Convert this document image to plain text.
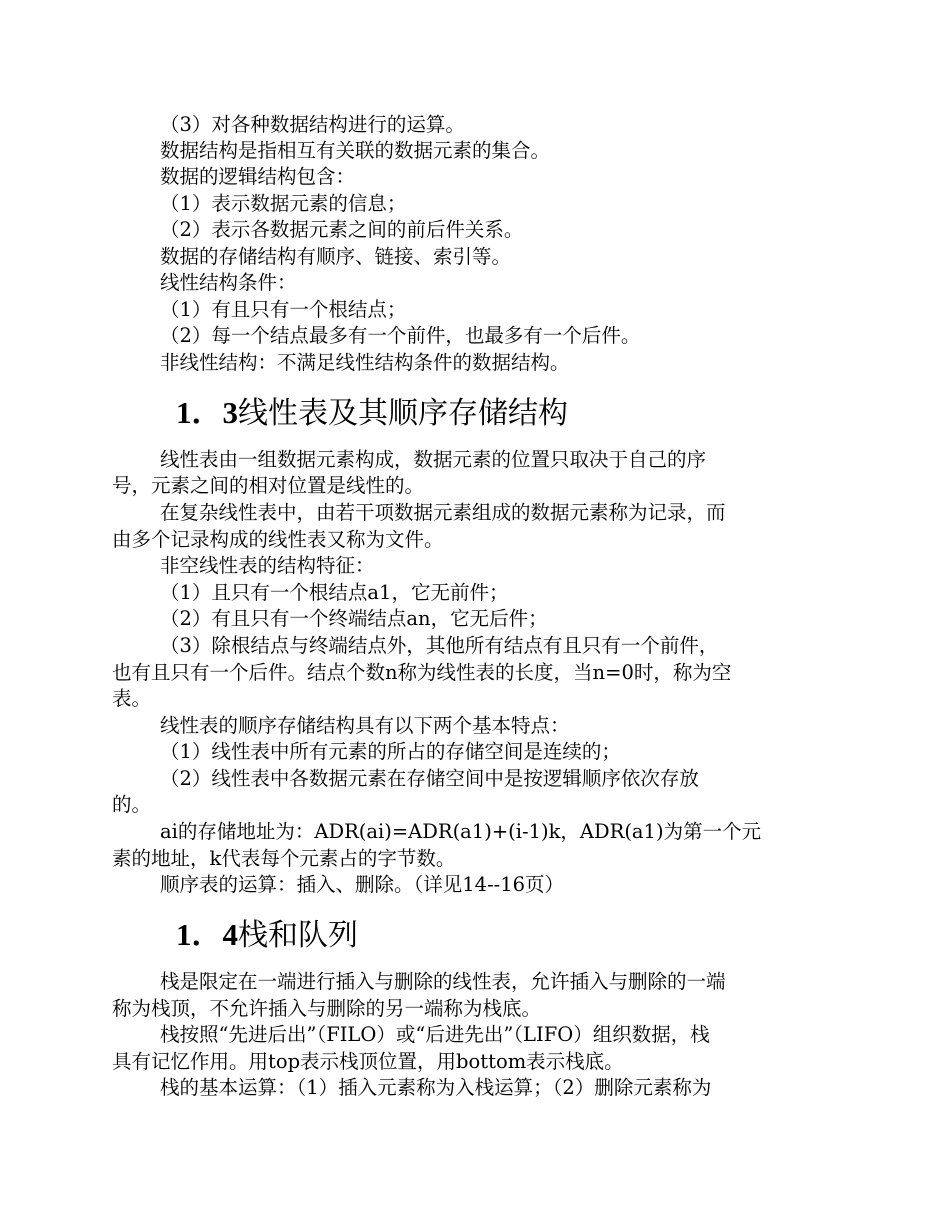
（3）对各种数据结构进行的运算。
数据结构是指相互有关联的数据元素的集合。
数据的逻辑结构包含：
（1）表示数据元素的信息；
（2）表示各数据元素之间的前后件关系。
数据的存储结构有顺序、链接、索引等。
线性结构条件：
（1）有且只有一个根结点；
（2）每一个结点最多有一个前件，也最多有一个后件。
非线性结构：不满足线性结构条件的数据结构。
1．3线性表及其顺序存储结构
线性表由一组数据元素构成，数据元素的位置只取决于自己的序
号，元素之间的相对位置是线性的。
在复杂线性表中，由若干项数据元素组成的数据元素称为记录，而
由多个记录构成的线性表又称为文件。
非空线性表的结构特征：
（1）且只有一个根结点a1，它无前件；
（2）有且只有一个终端结点an，它无后件；
（3）除根结点与终端结点外，其他所有结点有且只有一个前件，
也有且只有一个后件。结点个数n称为线性表的长度，当n=0时，称为空
表。
线性表的顺序存储结构具有以下两个基本特点：
（1）线性表中所有元素的所占的存储空间是连续的；
（2）线性表中各数据元素在存储空间中是按逻辑顺序依次存放
的。
ai的存储地址为：ADR(ai)=ADR(a1)+(i-1)k，ADR(a1)为第一个元
素的地址，k代表每个元素占的字节数。
顺序表的运算：插入、删除。（详见14--16页）
1．4栈和队列
栈是限定在一端进行插入与删除的线性表，允许插入与删除的一端
称为栈顶，不允许插入与删除的另一端称为栈底。
栈按照“先进后出”（FILO）或“后进先出”（LIFO）组织数据，栈
具有记忆作用。用top表示栈顶位置，用bottom表示栈底。
栈的基本运算：（1）插入元素称为入栈运算；（2）删除元素称为
